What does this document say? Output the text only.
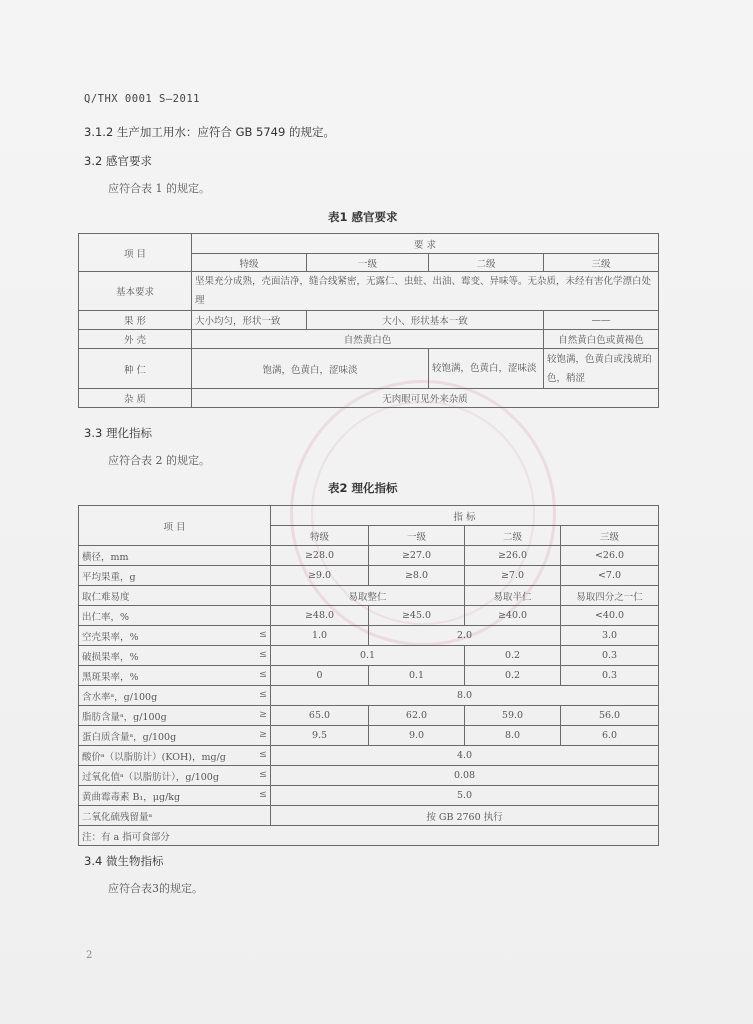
Q/THX 0001 S—2011
3.1.2 生产加工用水：应符合 GB 5749 的规定。
3.2 感官要求
应符合表 1 的规定。
表1 感官要求
项 目	要 求			
	特级	一级	二级	三级
基本要求	坚果充分成熟，壳面洁净，缝合线紧密，无露仁、虫蛀、出油、霉变、异味等。无杂质，未经有害化学漂白处理			
果 形	大小均匀，形状一致	大小、形状基本一致		——
外 壳	自然黄白色			自然黄白色或黄褐色
种 仁	饱满，色黄白，涩味淡		较饱满，色黄白，涩味淡	较饱满，色黄白或浅琥珀色，稍涩
杂 质	无肉眼可见外来杂质			
3.3 理化指标
应符合表 2 的规定。
表2 理化指标
项 目	指 标			
	特级	一级	二级	三级
横径，mm	≥28.0	≥27.0	≥26.0	<26.0
平均果重，g	≥9.0	≥8.0	≥7.0	<7.0
取仁难易度	易取整仁		易取半仁	易取四分之一仁
出仁率，%	≥48.0	≥45.0	≥40.0	<40.0
空壳果率，% ≤	1.0	2.0		3.0
破损果率，% ≤	0.1		0.2	0.3
黑斑果率，% ≤	0	0.1	0.2	0.3
含水率ᵃ，g/100g ≤	8.0			
脂肪含量ᵃ，g/100g ≥	65.0	62.0	59.0	56.0
蛋白质含量ᵃ，g/100g ≥	9.5	9.0	8.0	6.0
酸价ᵃ（以脂肪计）(KOH)，mg/g ≤	4.0			
过氧化值ᵃ（以脂肪计），g/100g ≤	0.08			
黄曲霉毒素 B₁，μg/kg ≤	5.0			
二氧化硫残留量ᵃ	按 GB 2760 执行			
注：有 a 指可食部分				
3.4 微生物指标
应符合表3的规定。
2
